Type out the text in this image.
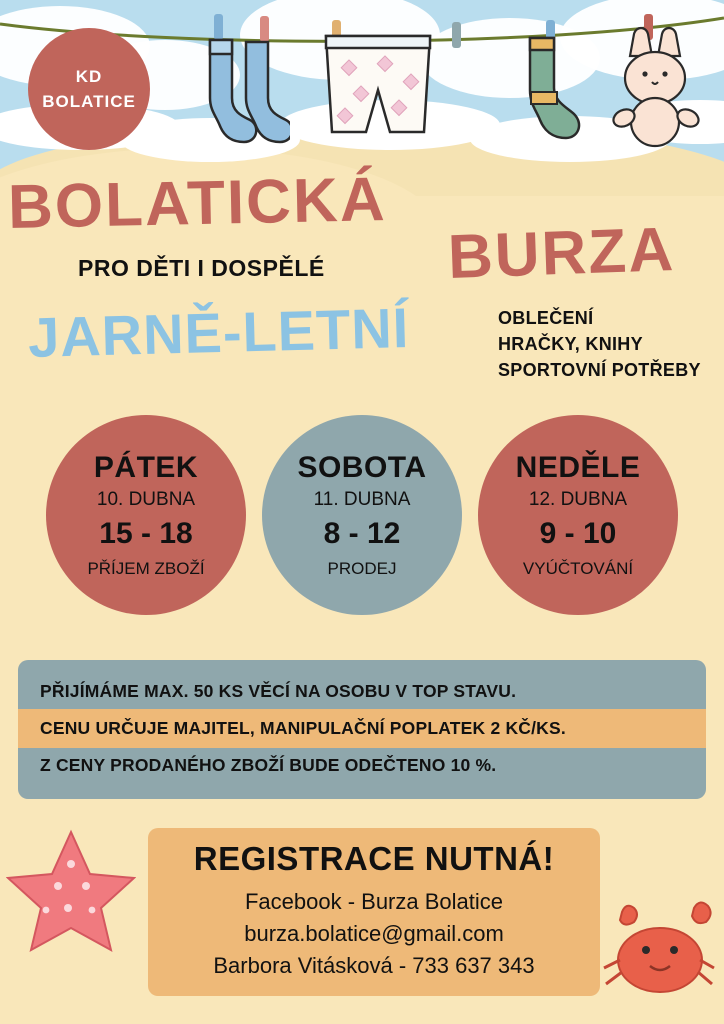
KD
BOLATICE
BOLATICKÁ
BURZA
PRO DĚTI I DOSPĚLÉ
JARNĚ-LETNÍ	OBLEČENÍ
HRAČKY, KNIHY
SPORTOVNÍ POTŘEBY
PÁTEK
10. DUBNA
15 - 18
PŘÍJEM ZBOŽÍ
SOBOTA
11. DUBNA
8 - 12
PRODEJ
NEDĚLE
12. DUBNA
9 - 10
VYÚČTOVÁNÍ
PŘIJÍMÁME MAX. 50 KS VĚCÍ NA OSOBU V TOP STAVU.
CENU URČUJE MAJITEL, MANIPULAČNÍ POPLATEK 2 KČ/KS.
Z CENY PRODANÉHO ZBOŽÍ BUDE ODEČTENO 10 %.
REGISTRACE NUTNÁ!
Facebook - Burza Bolatice
burza.bolatice@gmail.com
Barbora Vitásková - 733 637 343
